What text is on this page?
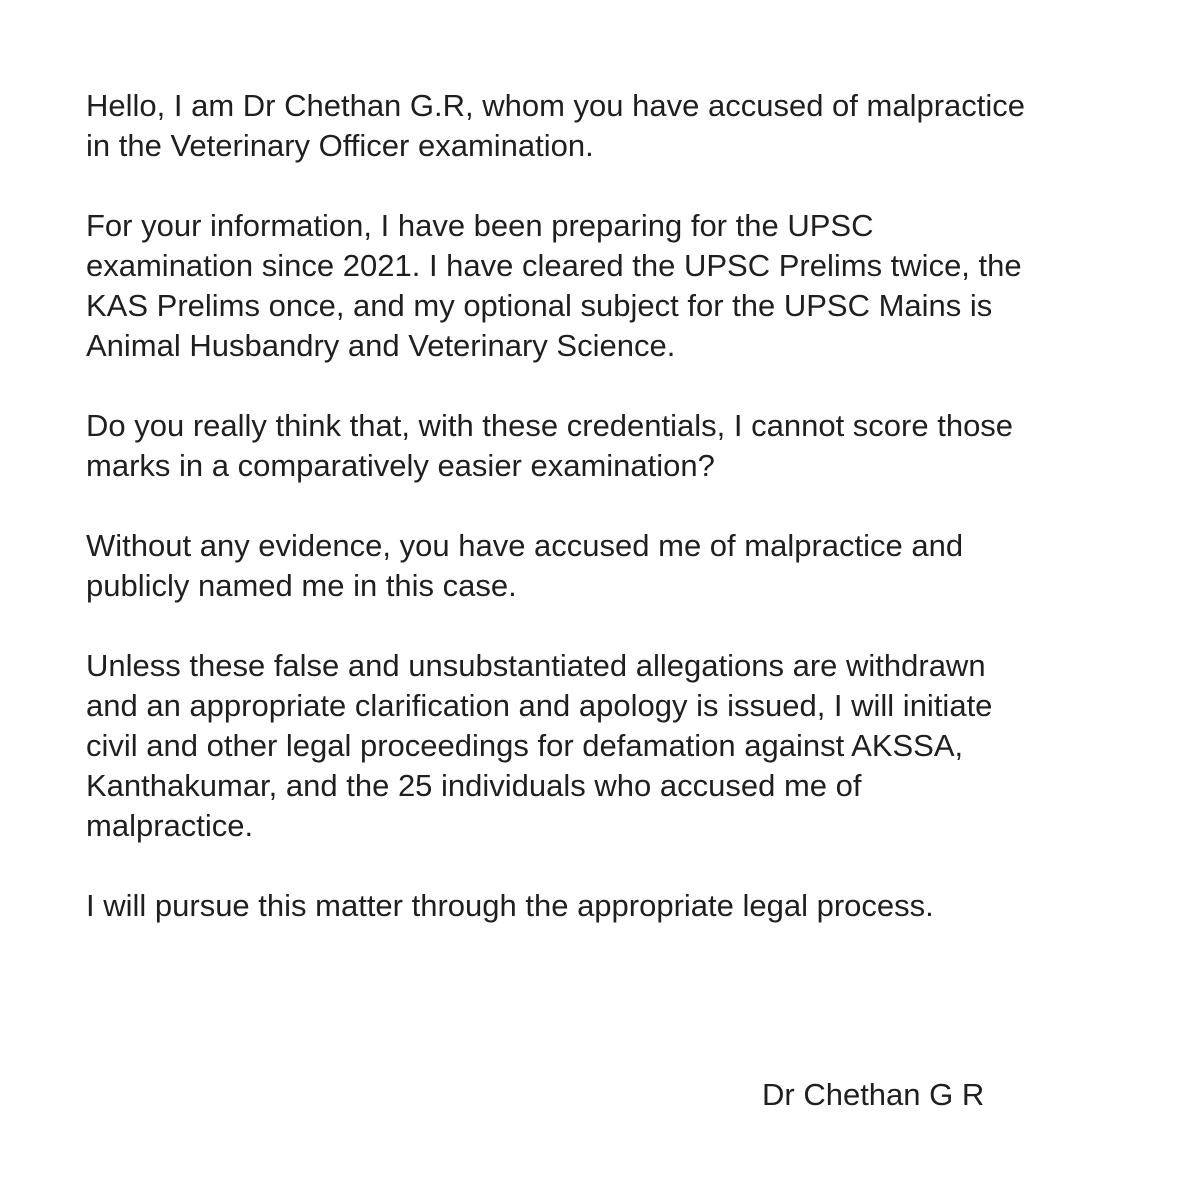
Hello, I am Dr Chethan G.R, whom you have accused of malpractice
in the Veterinary Officer examination.

For your information, I have been preparing for the UPSC
examination since 2021. I have cleared the UPSC Prelims twice, the
KAS Prelims once, and my optional subject for the UPSC Mains is
Animal Husbandry and Veterinary Science.

Do you really think that, with these credentials, I cannot score those
marks in a comparatively easier examination?

Without any evidence, you have accused me of malpractice and
publicly named me in this case.

Unless these false and unsubstantiated allegations are withdrawn
and an appropriate clarification and apology is issued, I will initiate
civil and other legal proceedings for defamation against AKSSA,
Kanthakumar, and the 25 individuals who accused me of
malpractice.

I will pursue this matter through the appropriate legal process.

Dr Chethan G R
